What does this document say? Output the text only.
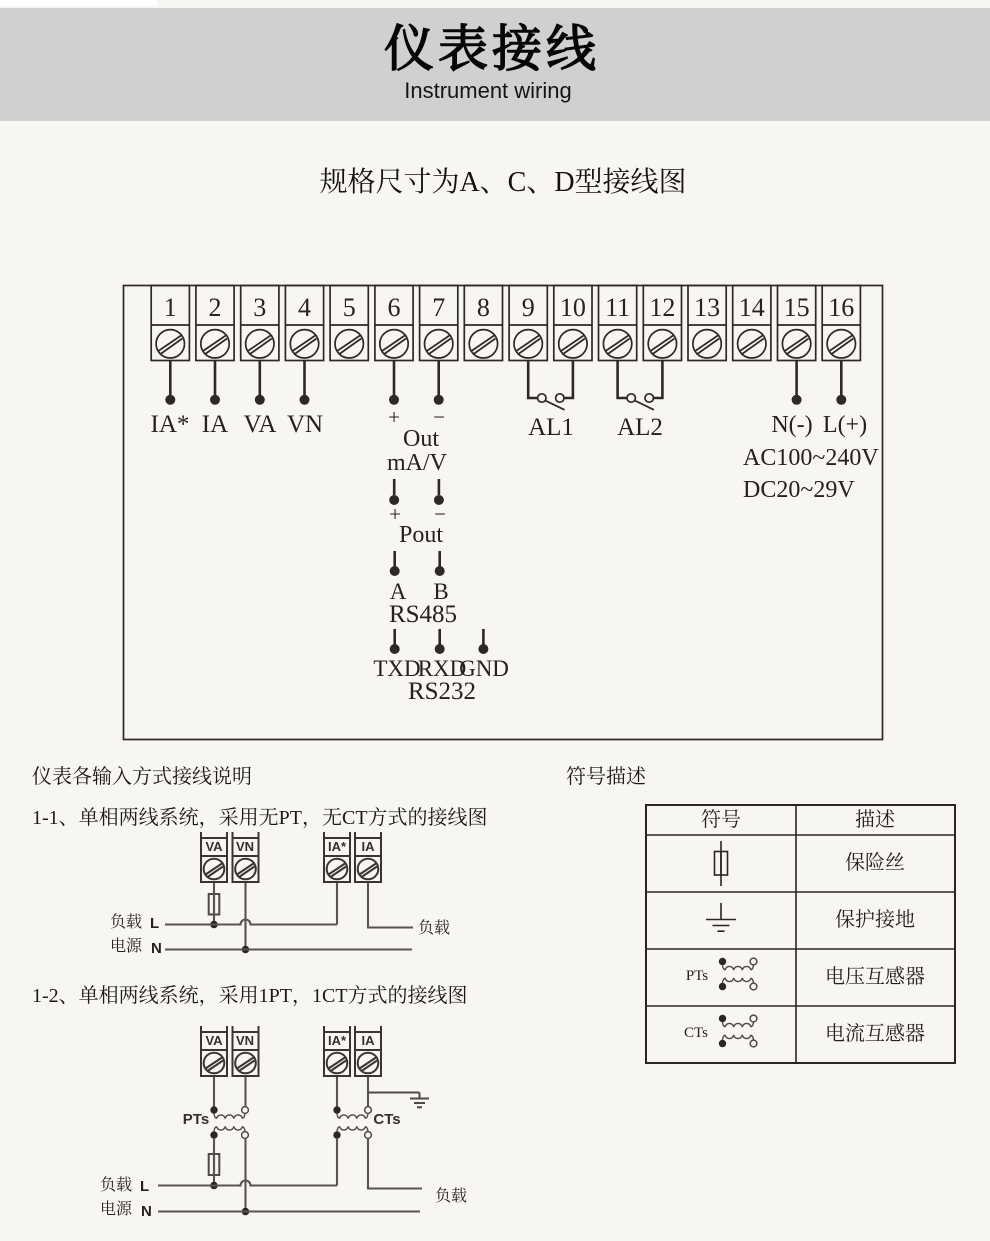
仪表接线
Instrument wiring
规格尺寸为A、C、D型接线图
1 2 3 4 5 6 7 8 9 10 11 12 13 14 15 16
IA* IA VA VN	+ −
Out
mA/V
AL1 AL2	N(-) L(+)
AC100~240V
DC20~29V
+ −
Pout
A B
RS485
TXD
RXD
GND
RS232
仪表各输入方式接线说明	符号描述
1-1、单相两线系统，采用无PT，无CT方式的接线图
1-2、单相两线系统，采用1PT，1CT方式的接线图
VA VN	IA* IA
负载 L
电源 N
负载
VA VN	IA* IA
PTs	CTs
负载 L
电源 N
负载
符号	描述
保险丝
保护接地
PTs	电压互感器
CTs	电流互感器
